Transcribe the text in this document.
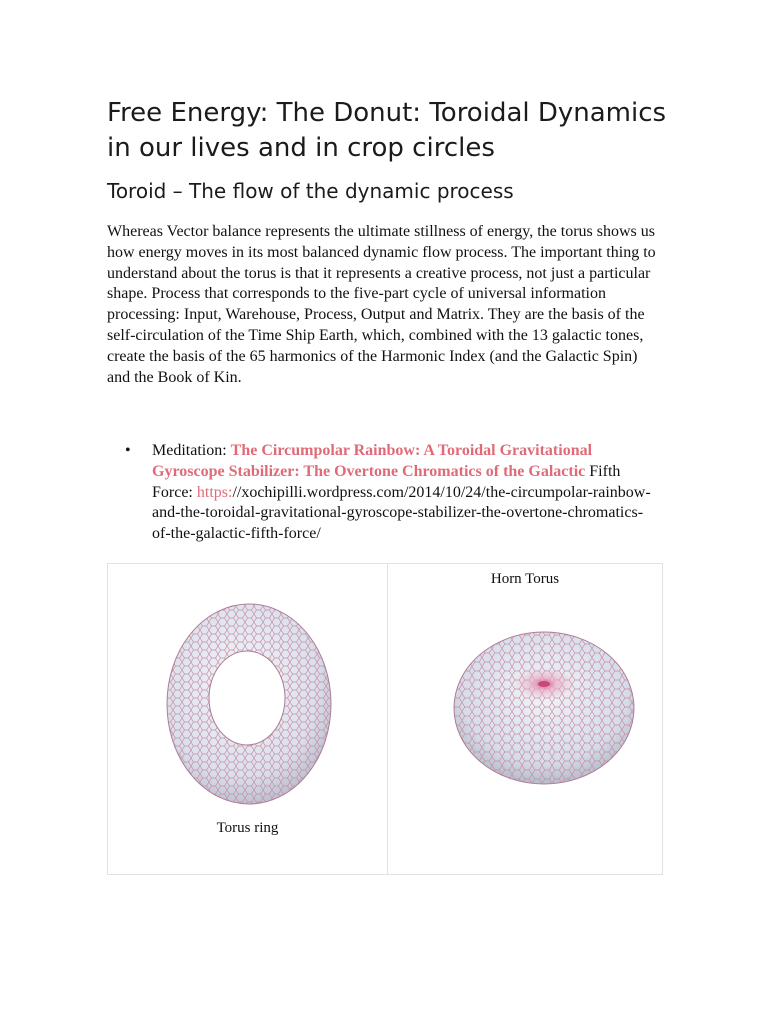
Free Energy: The Donut: Toroidal Dynamics in our lives and in crop circles
Toroid – The flow of the dynamic process

Whereas Vector balance represents the ultimate stillness of energy, the torus shows us how energy moves in its most balanced dynamic flow process. The important thing to understand about the torus is that it represents a creative process, not just a particular shape. Process that corresponds to the five-part cycle of universal information processing: Input, Warehouse, Process, Output and Matrix. They are the basis of the self-circulation of the Time Ship Earth, which, combined with the 13 galactic tones, create the basis of the 65 harmonics of the Harmonic Index (and the Galactic Spin) and the Book of Kin.

• Meditation: The Circumpolar Rainbow: A Toroidal Gravitational Gyroscope Stabilizer: The Overtone Chromatics of the Galactic Fifth Force: https://xochipilli.wordpress.com/2014/10/24/the-circumpolar-rainbow-and-the-toroidal-gravitational-gyroscope-stabilizer-the-overtone-chromatics-of-the-galactic-fifth-force/
Torus ring

Horn Torus
